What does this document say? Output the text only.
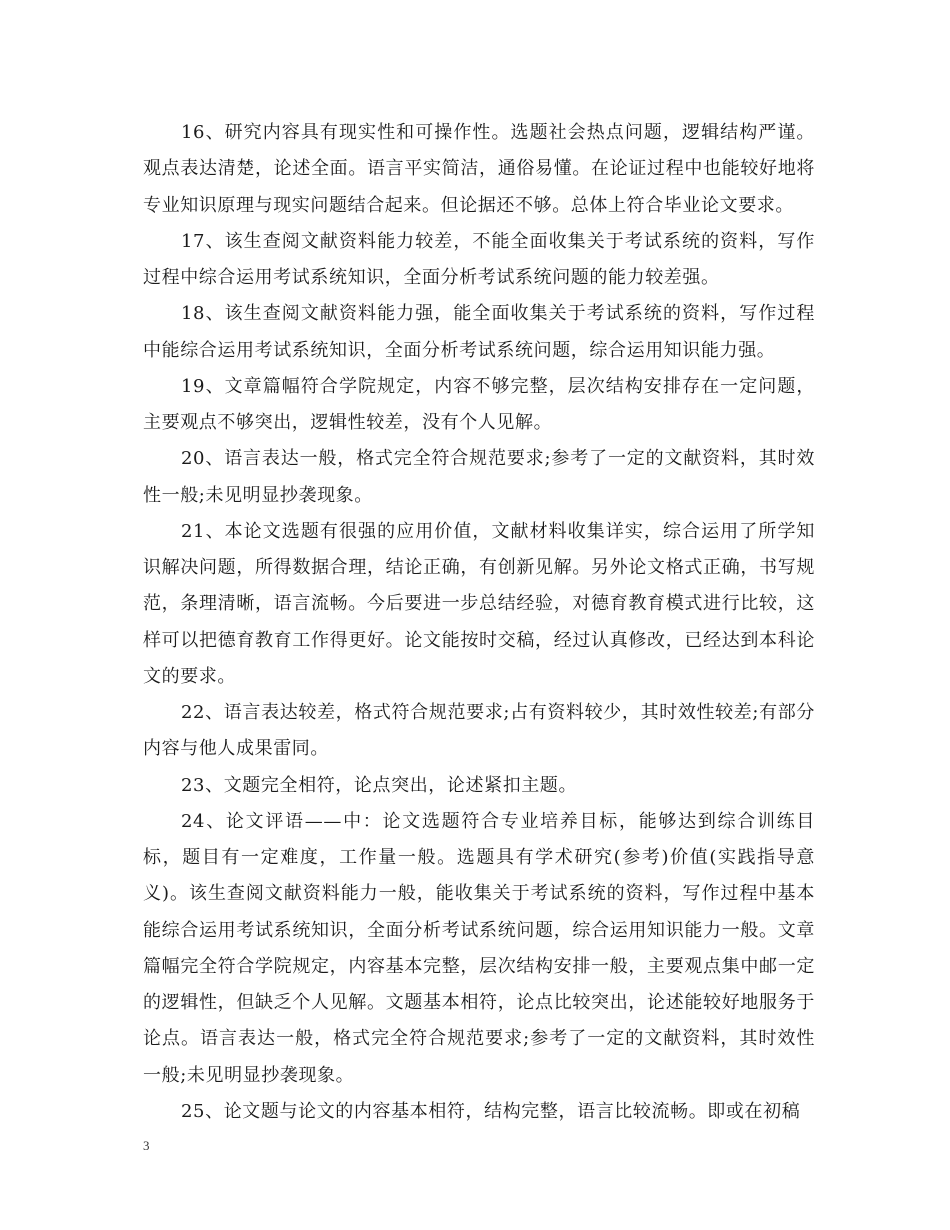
16、研究内容具有现实性和可操作性。选题社会热点问题，逻辑结构严谨。观点表达清楚，论述全面。语言平实简洁，通俗易懂。在论证过程中也能较好地将专业知识原理与现实问题结合起来。但论据还不够。总体上符合毕业论文要求。

17、该生查阅文献资料能力较差，不能全面收集关于考试系统的资料，写作过程中综合运用考试系统知识，全面分析考试系统问题的能力较差强。

18、该生查阅文献资料能力强，能全面收集关于考试系统的资料，写作过程中能综合运用考试系统知识，全面分析考试系统问题，综合运用知识能力强。

19、文章篇幅符合学院规定，内容不够完整，层次结构安排存在一定问题，主要观点不够突出，逻辑性较差，没有个人见解。

20、语言表达一般，格式完全符合规范要求;参考了一定的文献资料，其时效性一般;未见明显抄袭现象。

21、本论文选题有很强的应用价值，文献材料收集详实，综合运用了所学知识解决问题，所得数据合理，结论正确，有创新见解。另外论文格式正确，书写规范，条理清晰，语言流畅。今后要进一步总结经验，对德育教育模式进行比较，这样可以把德育教育工作得更好。论文能按时交稿，经过认真修改，已经达到本科论文的要求。

22、语言表达较差，格式符合规范要求;占有资料较少，其时效性较差;有部分内容与他人成果雷同。

23、文题完全相符，论点突出，论述紧扣主题。

24、论文评语——中：论文选题符合专业培养目标，能够达到综合训练目标，题目有一定难度，工作量一般。选题具有学术研究(参考)价值(实践指导意义)。该生查阅文献资料能力一般，能收集关于考试系统的资料，写作过程中基本能综合运用考试系统知识，全面分析考试系统问题，综合运用知识能力一般。文章篇幅完全符合学院规定，内容基本完整，层次结构安排一般，主要观点集中邮一定的逻辑性，但缺乏个人见解。文题基本相符，论点比较突出，论述能较好地服务于论点。语言表达一般，格式完全符合规范要求;参考了一定的文献资料，其时效性一般;未见明显抄袭现象。

25、论文题与论文的内容基本相符，结构完整，语言比较流畅。即或在初稿

3
